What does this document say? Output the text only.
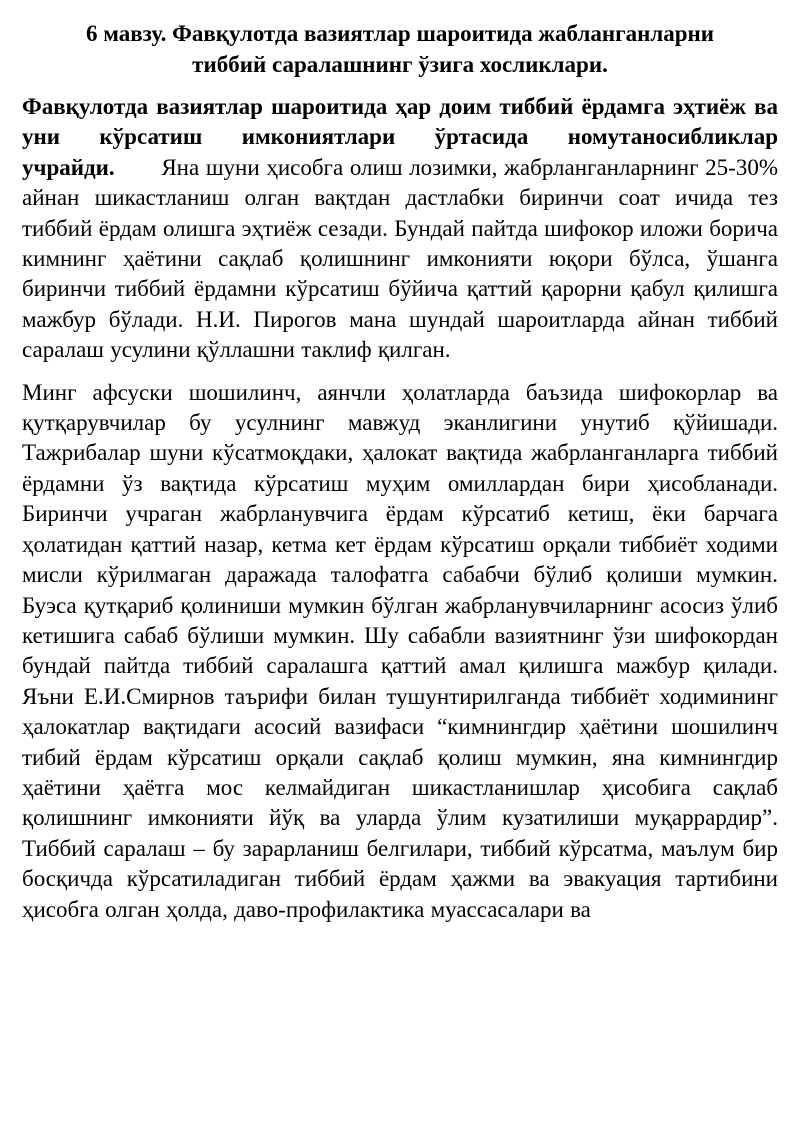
6 мавзу. Фавқулотда вазиятлар шароитида жабланганларни
тиббий саралашнинг ўзига хосликлари.

Фавқулотда вазиятлар шароитида ҳар доим тиббий ёрдамга эҳтиёж ва уни кўрсатиш имкониятлари ўртасида номутаносибликлар учрайди. Яна шуни ҳисобга олиш лозимки, жабрланганларнинг 25-30% айнан шикастланиш олган вақтдан дастлабки биринчи соат ичида тез тиббий ёрдам олишга эҳтиёж сезади. Бундай пайтда шифокор иложи борича кимнинг ҳаётини сақлаб қолишнинг имконияти юқори бўлса, ўшанга биринчи тиббий ёрдамни кўрсатиш бўйича қаттий қарорни қабул қилишга мажбур бўлади. Н.И. Пирогов мана шундай шароитларда айнан тиббий саралаш усулини қўллашни таклиф қилган.

Минг афсуски шошилинч, аянчли ҳолатларда баъзида шифокорлар ва қутқарувчилар бу усулнинг мавжуд эканлигини унутиб қўйишади. Тажрибалар шуни кўсатмоқдаки, ҳалокат вақтида жабрланганларга тиббий ёрдамни ўз вақтида кўрсатиш муҳим омиллардан бири ҳисобланади. Биринчи учраган жабрланувчига ёрдам кўрсатиб кетиш, ёки барчага ҳолатидан қаттий назар, кетма кет ёрдам кўрсатиш орқали тиббиёт ходими мисли кўрилмаган даражада талофатга сабабчи бўлиб қолиши мумкин. Буэса қутқариб қолиниши мумкин бўлган жабрланувчиларнинг асосиз ўлиб кетишига сабаб бўлиши мумкин. Шу сабабли вазиятнинг ўзи шифокордан бундай пайтда тиббий саралашга қаттий амал қилишга мажбур қилади. Яъни Е.И.Смирнов таърифи билан тушунтирилганда тиббиёт ходимининг ҳалокатлар вақтидаги асосий вазифаси “кимнингдир ҳаётини шошилинч тибий ёрдам кўрсатиш орқали сақлаб қолиш мумкин, яна кимнингдир ҳаётини ҳаётга мос келмайдиган шикастланишлар ҳисобига сақлаб қолишнинг имконияти йўқ ва уларда ўлим кузатилиши муқаррардир”. Тиббий саралаш – бу зарарланиш белгилари, тиббий кўрсатма, маълум бир босқичда кўрсатиладиган тиббий ёрдам ҳажми ва эвакуация тартибини ҳисобга олган ҳолда, даво-профилактика муассасалари ва
